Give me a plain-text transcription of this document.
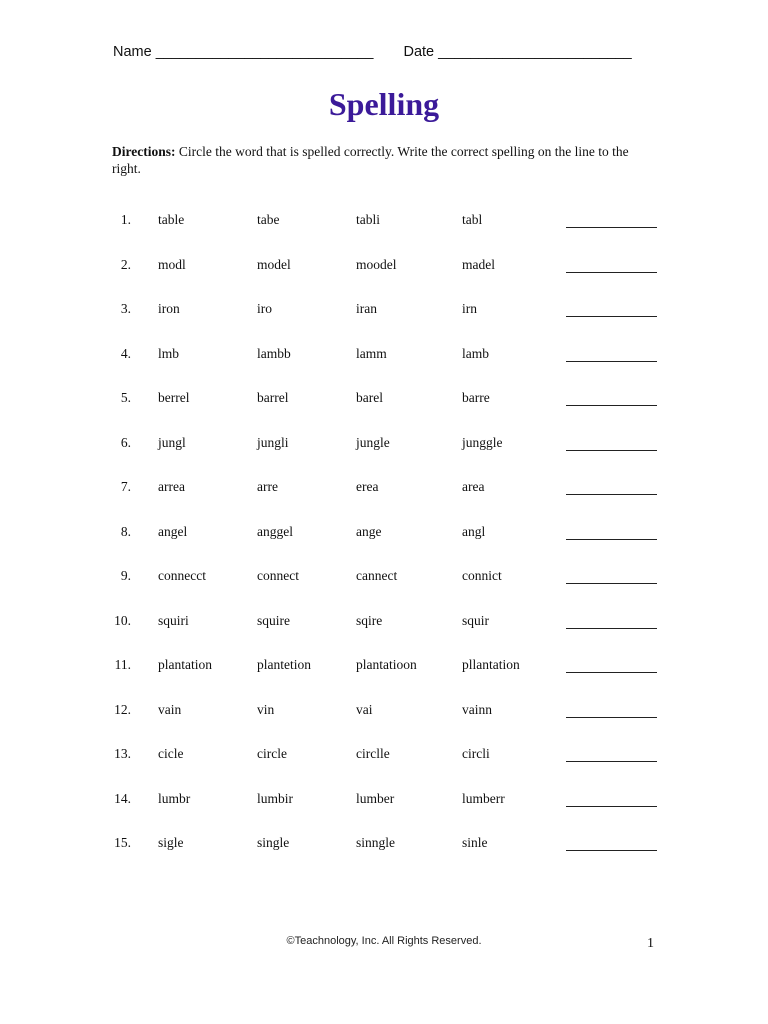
Name ___________________________ Date ________________________
Spelling
Directions: Circle the word that is spelled correctly. Write the correct spelling on the line to the right.
1. table	tabe	tabli	tabl
2. modl	model	moodel	madel
3. iron	iro	iran	irn
4. lmb	lambb	lamm	lamb
5. berrel	barrel	barel	barre
6. jungl	jungli	jungle	junggle
7. arrea	arre	erea	area
8. angel	anggel	ange	angl
9. connecct	connect	cannect	connict
10. squiri	squire	sqire	squir
11. plantation	plantetion	plantatioon	pllantation
12. vain	vin	vai	vainn
13. cicle	circle	circlle	circli
14. lumbr	lumbir	lumber	lumberr
15. sigle	single	sinngle	sinle
©Teachnology, Inc. All Rights Reserved.	1
